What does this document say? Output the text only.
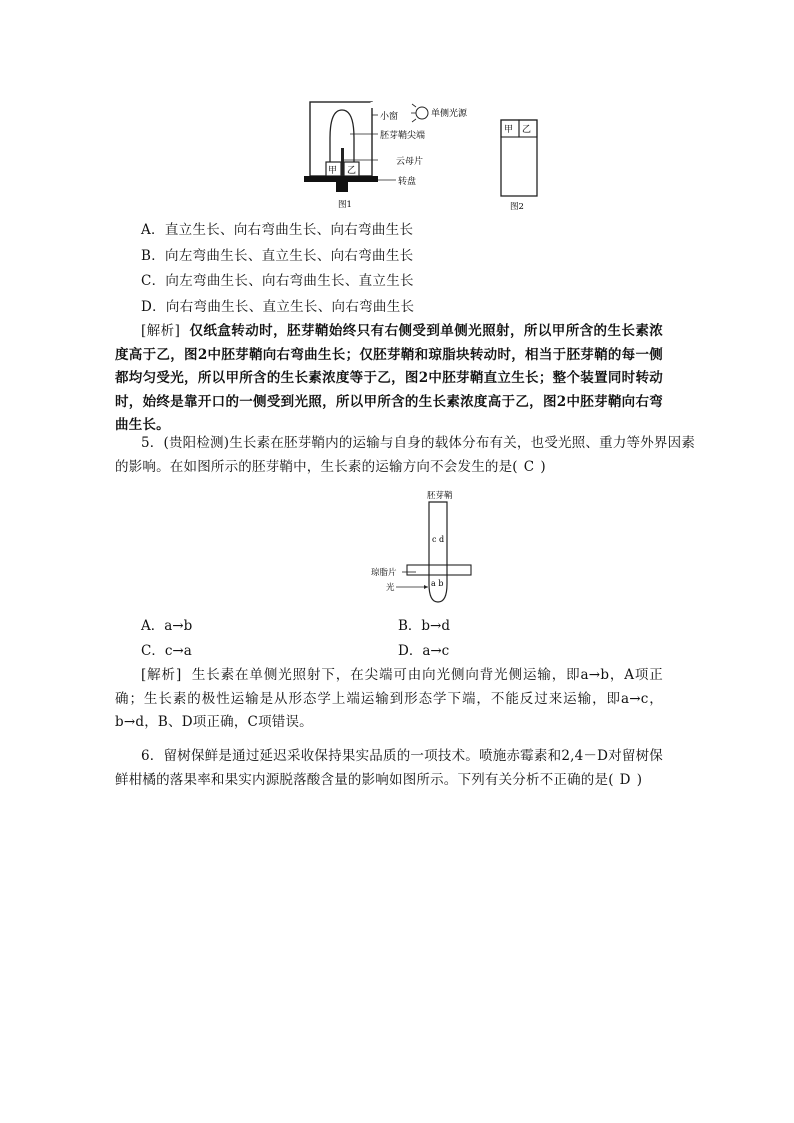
小窗	单侧光源
胚芽鞘尖端
云母片
转盘
甲 乙
图1
甲 乙
图2
A．直立生长、向右弯曲生长、向右弯曲生长
B．向左弯曲生长、直立生长、向右弯曲生长
C．向左弯曲生长、向右弯曲生长、直立生长
D．向右弯曲生长、直立生长、向右弯曲生长
[解析] 仅纸盒转动时，胚芽鞘始终只有右侧受到单侧光照射，所以甲所含的生长素浓度高于乙，图2中胚芽鞘向右弯曲生长；仅胚芽鞘和琼脂块转动时，相当于胚芽鞘的每一侧都均匀受光，所以甲所含的生长素浓度等于乙，图2中胚芽鞘直立生长；整个装置同时转动时，始终是靠开口的一侧受到光照，所以甲所含的生长素浓度高于乙，图2中胚芽鞘向右弯曲生长。
5．(贵阳检测)生长素在胚芽鞘内的运输与自身的载体分布有关，也受光照、重力等外界因素
的影响。在如图所示的胚芽鞘中，生长素的运输方向不会发生的是( C )
胚芽鞘
c d
a b
琼脂片
光
A．a→b	B．b→d
C．c→a	D．a→c
[解析] 生长素在单侧光照射下，在尖端可由向光侧向背光侧运输，即a→b，A项正确；生长素的极性运输是从形态学上端运输到形态学下端，不能反过来运输，即a→c，b→d，B、D项正确，C项错误。
6．留树保鲜是通过延迟采收保持果实品质的一项技术。喷施赤霉素和2,4－D对留树保鲜柑橘的落果率和果实内源脱落酸含量的影响如图所示。下列有关分析不正确的是( D )
